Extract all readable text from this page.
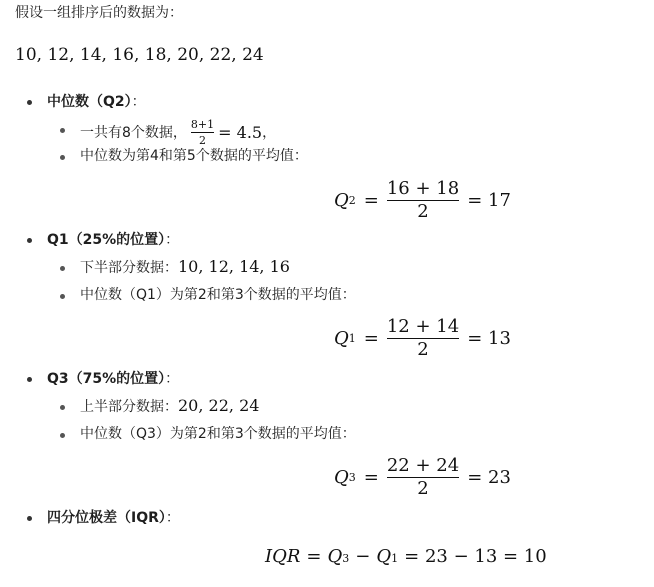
假设一组排序后的数据为：
10, 12, 14, 16, 18, 20, 22, 24
中位数（Q2）：
一共有8个数据， $\frac{8+1}{2} = 4.5$ ，
中位数为第4和第5个数据的平均值：
Q $2 = \frac{16 + 18}{2} = 17$
Q1（25%的位置）：
下半部分数据：10, 12, 14, 16
中位数（Q1）为第2和第3个数据的平均值：
Q $1 = \frac{12 + 14}{2} = 13$
Q3（75%的位置）：
上半部分数据：20, 22, 24
中位数（Q3）为第2和第3个数据的平均值：
Q $3 = \frac{22 + 24}{2} = 23$
四分位极差（IQR）：
IQR = Q 3 − Q 1 = 23 − 13 = 10
